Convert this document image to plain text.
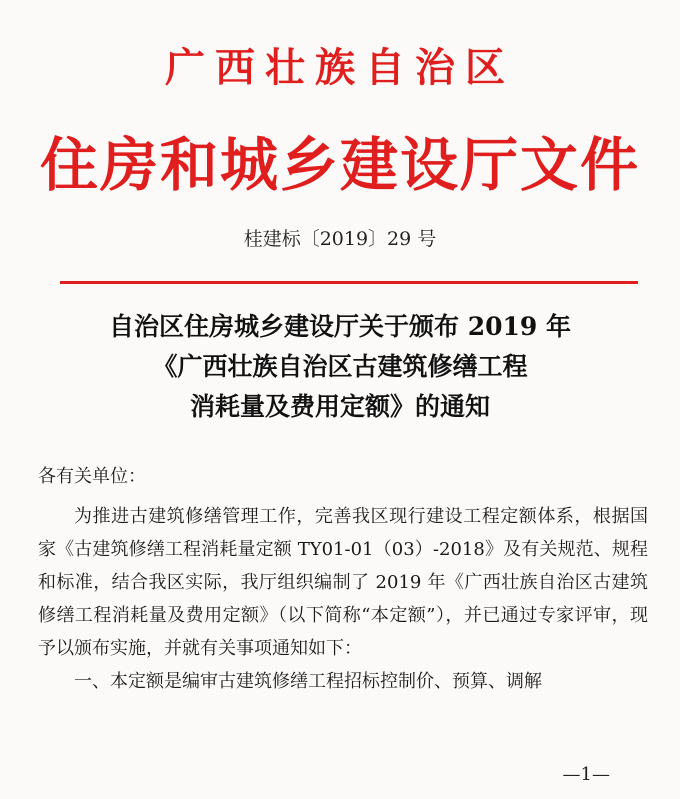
广西壮族自治区
住房和城乡建设厅文件
桂建标〔2019〕29 号
自治区住房城乡建设厅关于颁布 2019 年
《广西壮族自治区古建筑修缮工程
消耗量及费用定额》的通知
各有关单位：

为推进古建筑修缮管理工作，完善我区现行建设工程定额体系，根据国家《古建筑修缮工程消耗量定额 TY01-01（03）-2018》及有关规范、规程和标准，结合我区实际，我厅组织编制了 2019 年《广西壮族自治区古建筑修缮工程消耗量及费用定额》（以下简称“本定额”），并已通过专家评审，现予以颁布实施，并就有关事项通知如下：

一、本定额是编审古建筑修缮工程招标控制价、预算、调解

—1—
